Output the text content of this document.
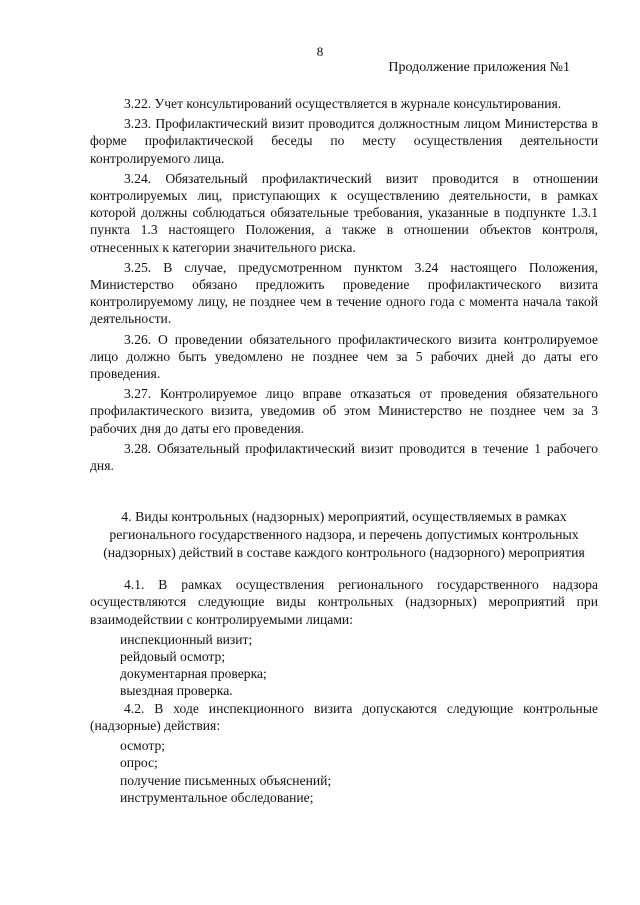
8
Продолжение приложения №1

3.22. Учет консультирований осуществляется в журнале консультирования.

3.23. Профилактический визит проводится должностным лицом Министерства в форме профилактической беседы по месту осуществления деятельности контролируемого лица.

3.24. Обязательный профилактический визит проводится в отношении контролируемых лиц, приступающих к осуществлению деятельности, в рамках которой должны соблюдаться обязательные требования, указанные в подпункте 1.3.1 пункта 1.3 настоящего Положения, а также в отношении объектов контроля, отнесенных к категории значительного риска.

3.25. В случае, предусмотренном пунктом 3.24 настоящего Положения, Министерство обязано предложить проведение профилактического визита контролируемому лицу, не позднее чем в течение одного года с момента начала такой деятельности.

3.26. О проведении обязательного профилактического визита контролируемое лицо должно быть уведомлено не позднее чем за 5 рабочих дней до даты его проведения.

3.27. Контролируемое лицо вправе отказаться от проведения обязательного профилактического визита, уведомив об этом Министерство не позднее чем за 3 рабочих дня до даты его проведения.

3.28. Обязательный профилактический визит проводится в течение 1 рабочего дня.

4. Виды контрольных (надзорных) мероприятий, осуществляемых в рамках регионального государственного надзора, и перечень допустимых контрольных (надзорных) действий в составе каждого контрольного (надзорного) мероприятия

4.1. В рамках осуществления регионального государственного надзора осуществляются следующие виды контрольных (надзорных) мероприятий при взаимодействии с контролируемыми лицами:

инспекционный визит;

рейдовый осмотр;

документарная проверка;

выездная проверка.

4.2. В ходе инспекционного визита допускаются следующие контрольные (надзорные) действия:

осмотр;

опрос;

получение письменных объяснений;

инструментальное обследование;
